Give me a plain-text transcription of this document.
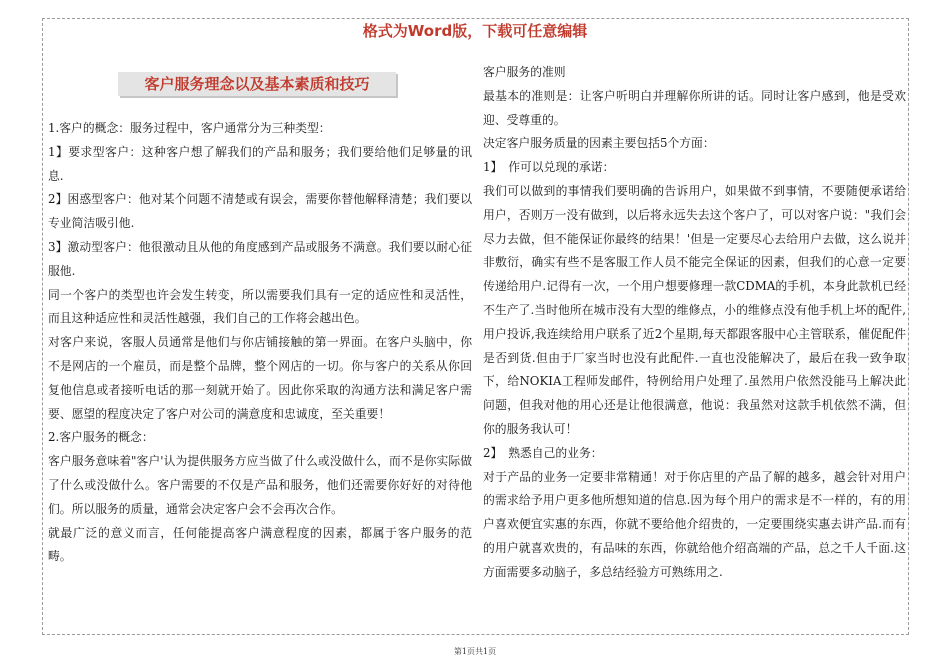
格式为Word版，下载可任意编辑
客户服务理念以及基本素质和技巧

1.客户的概念：服务过程中，客户通常分为三种类型：

1】要求型客户：这种客户想了解我们的产品和服务；我们要给他们足够量的讯息.

2】困惑型客户：他对某个问题不清楚或有误会，需要你替他解释清楚；我们要以专业简洁吸引他.

3】激动型客户：他很激动且从他的角度感到产品或服务不满意。我们要以耐心征服他.

同一个客户的类型也许会发生转变，所以需要我们具有一定的适应性和灵活性，而且这种适应性和灵活性越强，我们自己的工作将会越出色。

对客户来说，客服人员通常是他们与你店铺接触的第一界面。在客户头脑中，你不是网店的一个雇员，而是整个品牌，整个网店的一切。你与客户的关系从你回复他信息或者接听电话的那一刻就开始了。因此你采取的沟通方法和满足客户需要、愿望的程度决定了客户对公司的满意度和忠诚度，至关重要！

2.客户服务的概念：

客户服务意味着"客户'认为提供服务方应当做了什么或没做什么，而不是你实际做了什么或没做什么。客户需要的不仅是产品和服务，他们还需要你好好的对待他们。所以服务的质量，通常会决定客户会不会再次合作。

就最广泛的意义而言，任何能提高客户满意程度的因素，都属于客户服务的范畴。

客户服务的准则

最基本的准则是：让客户听明白并理解你所讲的话。同时让客户感到，他是受欢迎、受尊重的。

决定客户服务质量的因素主要包括5个方面：

1】　作可以兑现的承诺：

我们可以做到的事情我们要明确的告诉用户，如果做不到事情，不要随便承诺给用户，否则万一没有做到，以后将永远失去这个客户了，可以对客户说："我们会尽力去做，但不能保证你最终的结果！'但是一定要尽心去给用户去做，这么说并非敷衍，确实有些不是客服工作人员不能完全保证的因素，但我们的心意一定要传递给用户.记得有一次，一个用户想要修理一款CDMA的手机，本身此款机已经不生产了.当时他所在城市没有大型的维修点，小的维修点没有他手机上坏的配件,用户投诉,我连续给用户联系了近2个星期,每天都跟客服中心主管联系，催促配件是否到货.但由于厂家当时也没有此配件.一直也没能解决了，最后在我一致争取下，给NOKIA工程师发邮件，特例给用户处理了.虽然用户依然没能马上解决此问题，但我对他的用心还是让他很满意，他说：我虽然对这款手机依然不满，但你的服务我认可！

2】　熟悉自己的业务：

对于产品的业务一定要非常精通！对于你店里的产品了解的越多，越会针对用户的需求给予用户更多他所想知道的信息.因为每个用户的需求是不一样的，有的用户喜欢便宜实惠的东西，你就不要给他介绍贵的，一定要围绕实惠去讲产品.而有的用户就喜欢贵的，有品味的东西，你就给他介绍高端的产品，总之千人千面.这方面需要多动脑子，多总结经验方可熟练用之.

第1页共1页
